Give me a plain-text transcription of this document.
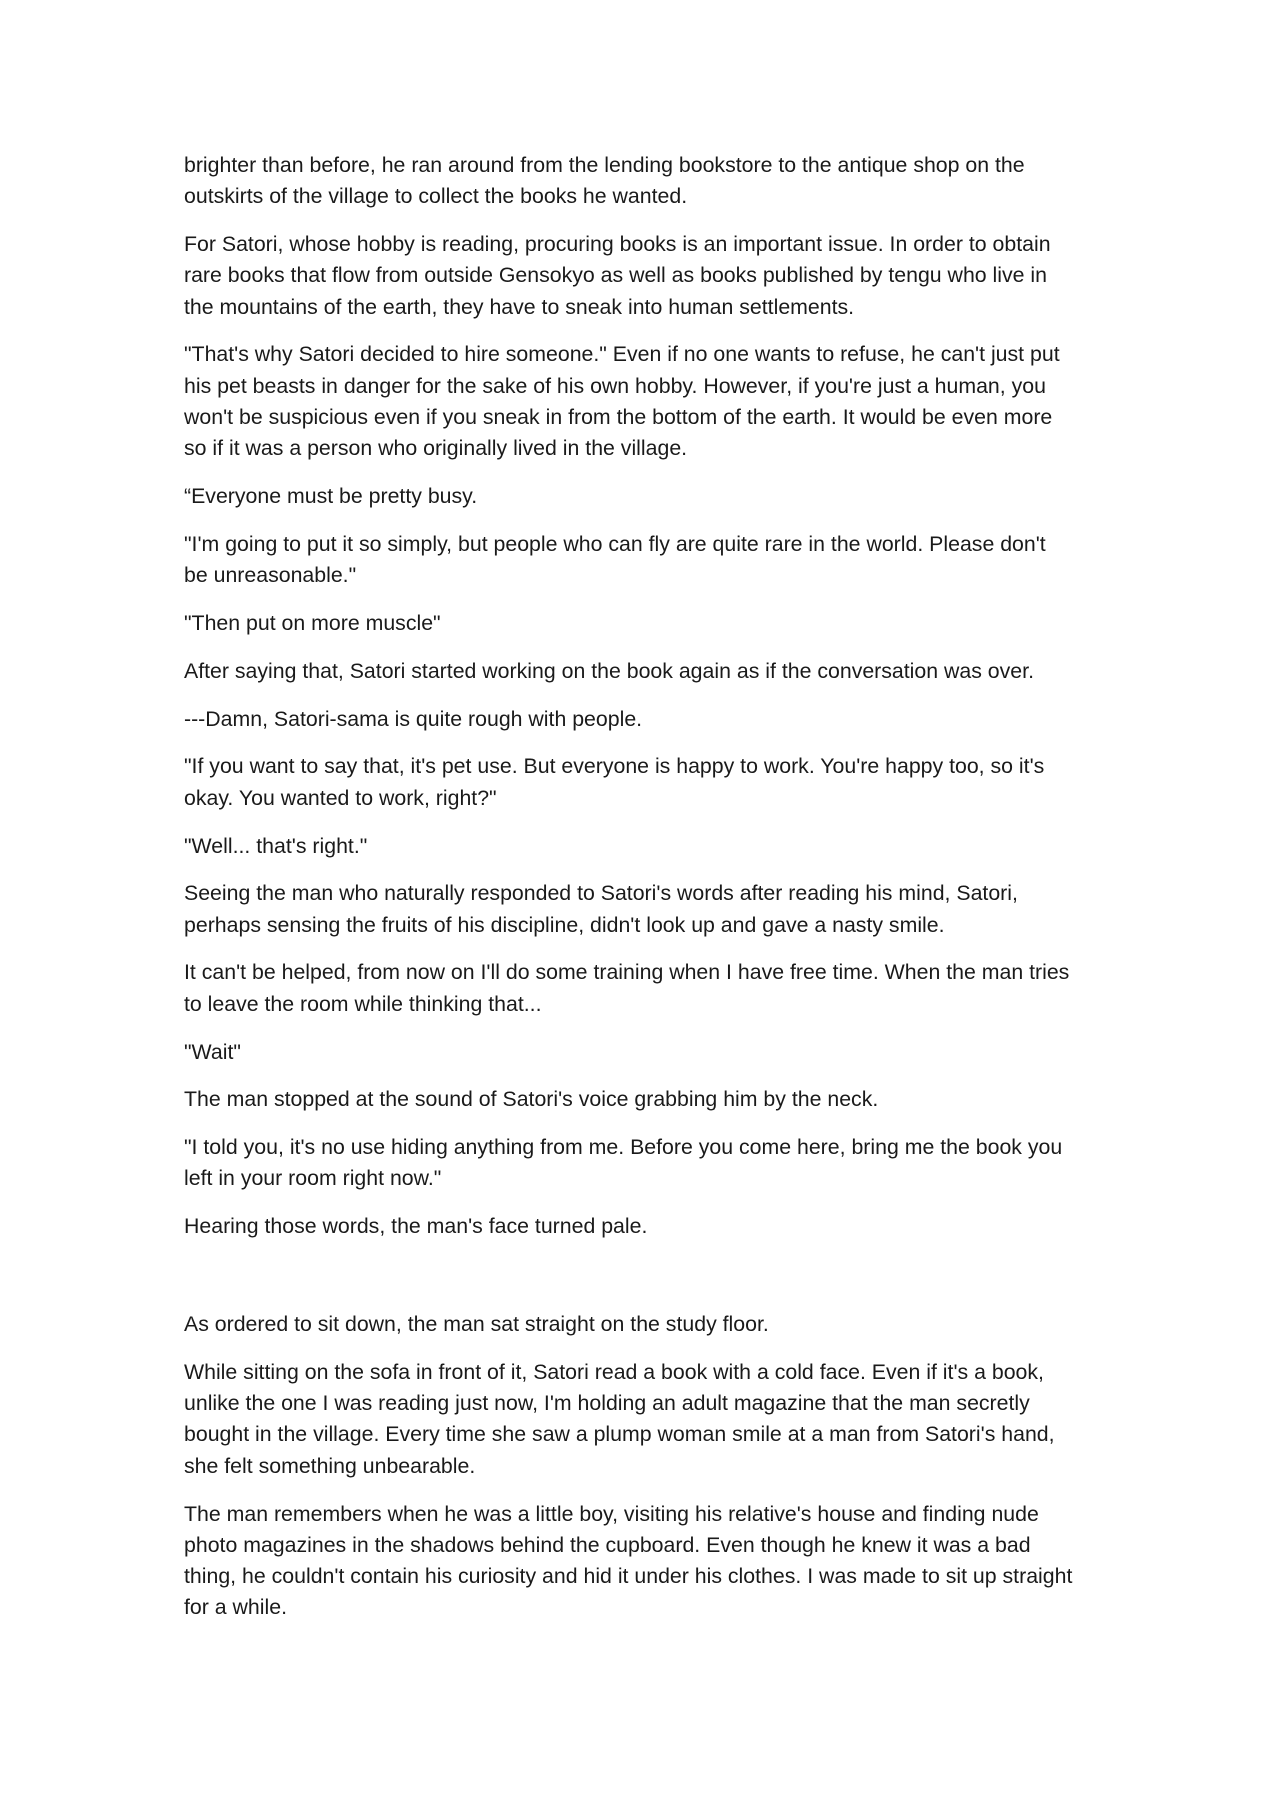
brighter than before, he ran around from the lending bookstore to the antique shop on the
outskirts of the village to collect the books he wanted.

For Satori, whose hobby is reading, procuring books is an important issue. In order to obtain
rare books that flow from outside Gensokyo as well as books published by tengu who live in
the mountains of the earth, they have to sneak into human settlements.

"That's why Satori decided to hire someone." Even if no one wants to refuse, he can't just put
his pet beasts in danger for the sake of his own hobby. However, if you're just a human, you
won't be suspicious even if you sneak in from the bottom of the earth. It would be even more
so if it was a person who originally lived in the village.

“Everyone must be pretty busy.

"I'm going to put it so simply, but people who can fly are quite rare in the world. Please don't
be unreasonable."

"Then put on more muscle"

After saying that, Satori started working on the book again as if the conversation was over.

---Damn, Satori-sama is quite rough with people.

"If you want to say that, it's pet use. But everyone is happy to work. You're happy too, so it's
okay. You wanted to work, right?"

"Well... that's right."

Seeing the man who naturally responded to Satori's words after reading his mind, Satori,
perhaps sensing the fruits of his discipline, didn't look up and gave a nasty smile.

It can't be helped, from now on I'll do some training when I have free time. When the man tries
to leave the room while thinking that...

"Wait"

The man stopped at the sound of Satori's voice grabbing him by the neck.

"I told you, it's no use hiding anything from me. Before you come here, bring me the book you
left in your room right now."

Hearing those words, the man's face turned pale.

As ordered to sit down, the man sat straight on the study floor.

While sitting on the sofa in front of it, Satori read a book with a cold face. Even if it's a book,
unlike the one I was reading just now, I'm holding an adult magazine that the man secretly
bought in the village. Every time she saw a plump woman smile at a man from Satori's hand,
she felt something unbearable.

The man remembers when he was a little boy, visiting his relative's house and finding nude
photo magazines in the shadows behind the cupboard. Even though he knew it was a bad
thing, he couldn't contain his curiosity and hid it under his clothes. I was made to sit up straight
for a while.
